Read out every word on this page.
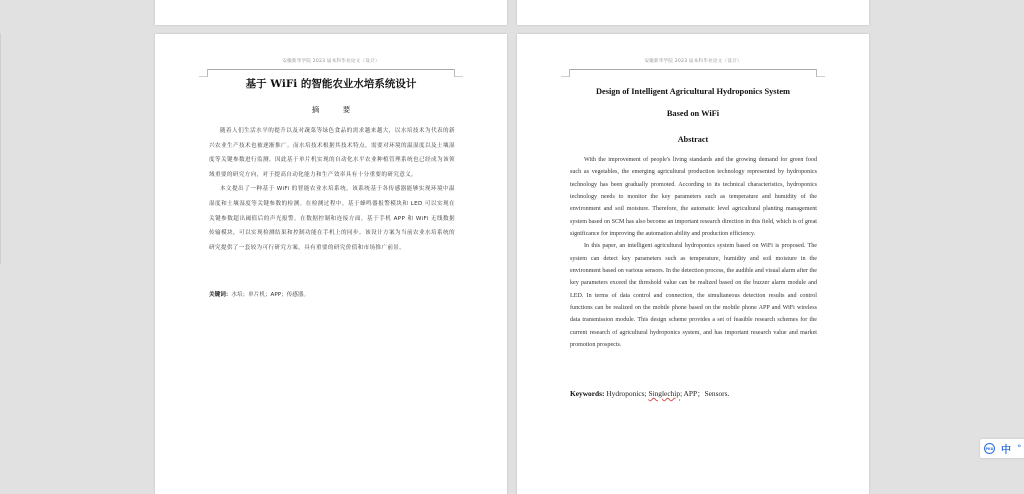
安徽新华学院 2023 届本科毕业论文（设计）
基于 WiFi 的智能农业水培系统设计
摘　要

随着人们生活水平的提升以及对蔬菜等绿色食品的需求越来越大，以水培技术为代表的新兴农业生产技术也被逐渐推广。而水培技术根据其技术特点，需要对环境的温湿度以及土壤湿度等关键参数进行监测。因此基于单片机实现的自动化水平农业种植管理系统也已经成为该领域重要的研究方向，对于提高自动化能力和生产效率具有十分重要的研究意义。

本文提出了一种基于 WiFi 的智能农业水培系统，该系统基于各传感器能够实现环境中温湿度和土壤湿度等关键参数的检测。在检测过程中，基于蜂鸣器报警模块和 LED 可以实现在关键参数超出阈值后的声光报警。在数据控制和连接方面，基于手机 APP 和 WiFi 无线数据传输模块，可以实现检测结果和控制功能在手机上的同步。该设计方案为当前农业水培系统的研究提供了一套较为可行研究方案，具有重要的研究价值和市场推广前景。

关键词：水培；单片机；APP；传感器。
安徽新华学院 2023 届本科毕业论文（设计）
Design of Intelligent Agricultural Hydroponics System
Based on WiFi
Abstract

With the improvement of people's living standards and the growing demand for green food such as vegetables, the emerging agricultural production technology represented by hydroponics technology has been gradually promoted. According to its technical characteristics, hydroponics technology needs to monitor the key parameters such as temperature and humidity of the environment and soil moisture. Therefore, the automatic level agricultural planting management system based on SCM has also become an important research direction in this field, which is of great significance for improving the automation ability and production efficiency.

In this paper, an intelligent agricultural hydroponics system based on WiFi is proposed. The system can detect key parameters such as temperature, humidity and soil moisture in the environment based on various sensors. In the detection process, the audible and visual alarm after the key parameters exceed the threshold value can be realized based on the buzzer alarm module and LED. In terms of data control and connection, the simultaneous detection results and control functions can be realized on the mobile phone based on the mobile phone APP and WiFi wireless data transmission module. This design scheme provides a set of feasible research schemes for the current research of agricultural hydroponics system, and has important research value and market promotion prospects.

Keywords: Hydroponics; Singlechip; APP；Sensors.
PKU 中 °
